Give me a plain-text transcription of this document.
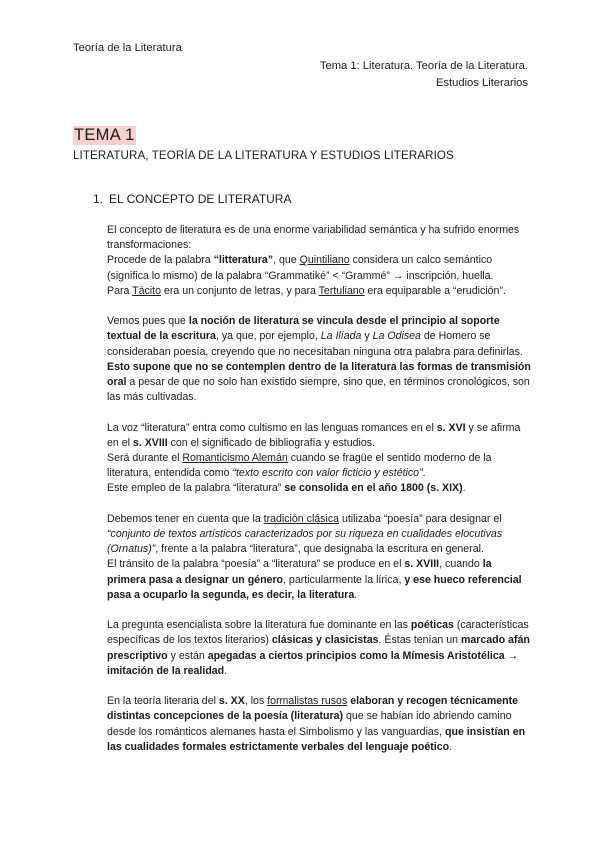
Teoría de la Literatura
Tema 1: Literatura. Teoría de la Literatura.
Estudios Literarios
TEMA 1
LITERATURA, TEORÍA DE LA LITERATURA Y ESTUDIOS LITERARIOS
1. EL CONCEPTO DE LITERATURA

El concepto de literatura es de una enorme variabilidad semántica y ha sufrido enormes transformaciones:
Procede de la palabra “litteratura”, que Quintiliano considera un calco semántico (significa lo mismo) de la palabra “Grammatiké” < “Grammé” → inscripción, huella.
Para Tácito era un conjunto de letras, y para Tertuliano era equiparable a “erudición”.

Vemos pues que la noción de literatura se vincula desde el principio al soporte textual de la escritura, ya que, por ejemplo, La Ilíada y La Odisea de Homero se consideraban poesía, creyendo que no necesitaban ninguna otra palabra para definirlas. Esto supone que no se contemplen dentro de la literatura las formas de transmisión oral a pesar de que no solo han existido siempre, sino que, en términos cronológicos, son las más cultivadas.

La voz “literatura” entra como cultismo en las lenguas romances en el s. XVI y se afirma en el s. XVIII con el significado de bibliografía y estudios.
Será durante el Romanticismo Alemán cuando se fragüe el sentido moderno de la literatura, entendida como “texto escrito con valor ficticio y estético”.
Este empleo de la palabra “literatura” se consolida en el año 1800 (s. XIX).

Debemos tener en cuenta que la tradición clásica utilizaba “poesía” para designar el “conjunto de textos artísticos caracterizados por su riqueza en cualidades elocutivas (Ornatus)”, frente a la palabra “literatura”, que designaba la escritura en general.
El tránsito de la palabra “poesía” a “literatura” se produce en el s. XVIII, cuando la primera pasa a designar un género, particularmente la lírica, y ese hueco referencial pasa a ocuparlo la segunda, es decir, la literatura.

La pregunta esencialista sobre la literatura fue dominante en las poéticas (características específicas de los textos literarios) clásicas y clasicistas. Éstas tenían un marcado afán prescriptivo y están apegadas a ciertos principios como la Mímesis Aristotélica → imitación de la realidad.

En la teoría literaria del s. XX, los formalistas rusos elaboran y recogen técnicamente distintas concepciones de la poesía (literatura) que se habían ido abriendo camino desde los románticos alemanes hasta el Simbolismo y las vanguardias, que insistían en las cualidades formales estrictamente verbales del lenguaje poético.
